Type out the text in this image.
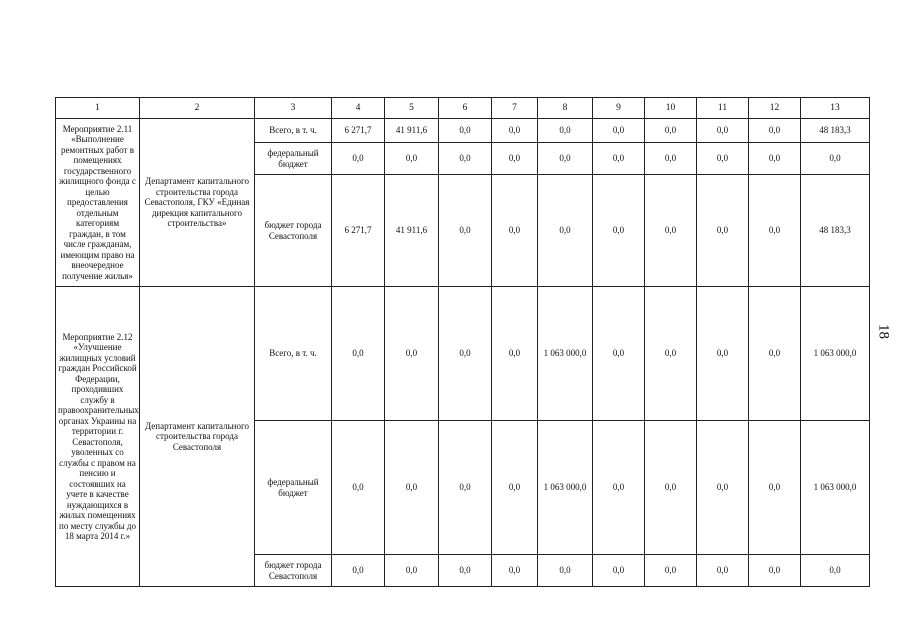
1	2	3	4	5	6	7	8	9	10	11	12	13
Мероприятие 2.11 «Выполнение ремонтных работ в помещениях государственного жилищного фонда с целью предоставления отдельным категориям граждан, в том числе гражданам, имеющим право на внеочередное получение жилья»	Департамент капитального строительства города Севастополя, ГКУ «Единая дирекция капитального строительства»	Всего, в т. ч.	6 271,7	41 911,6	0,0	0,0	0,0	0,0	0,0	0,0	0,0	48 183,3
		федеральный бюджет	0,0	0,0	0,0	0,0	0,0	0,0	0,0	0,0	0,0	0,0
		бюджет города Севастополя	6 271,7	41 911,6	0,0	0,0	0,0	0,0	0,0	0,0	0,0	48 183,3
Мероприятие 2.12 «Улучшение жилищных условий граждан Российской Федерации, проходивших службу в правоохранительных органах Украины на территории г. Севастополя, уволенных со службы с правом на пенсию и состоявших на учете в качестве нуждающихся в жилых помещениях по месту службы до 18 марта 2014 г.»	Департамент капитального строительства города Севастополя	Всего, в т. ч.	0,0	0,0	0,0	0,0	1 063 000,0	0,0	0,0	0,0	0,0	1 063 000,0
		федеральный бюджет	0,0	0,0	0,0	0,0	1 063 000,0	0,0	0,0	0,0	0,0	1 063 000,0
		бюджет города Севастополя	0,0	0,0	0,0	0,0	0,0	0,0	0,0	0,0	0,0	0,0
18
